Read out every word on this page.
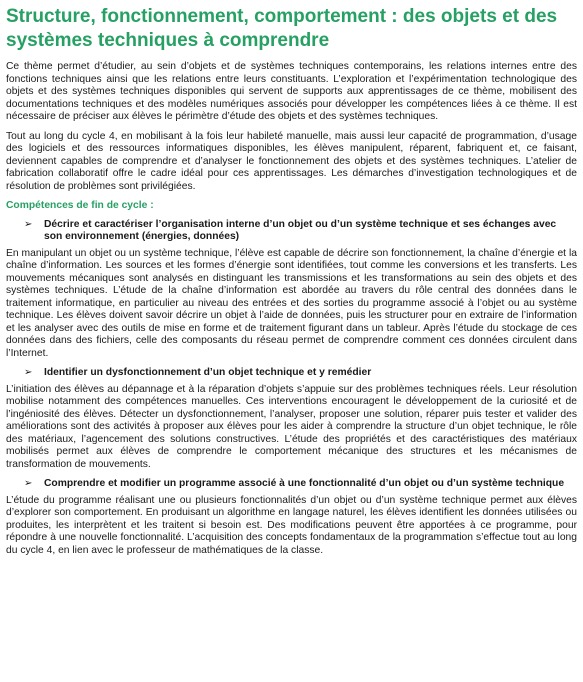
Structure, fonctionnement, comportement : des objets et des systèmes techniques à comprendre

Ce thème permet d’étudier, au sein d’objets et de systèmes techniques contemporains, les relations internes entre des fonctions techniques ainsi que les relations entre leurs constituants. L’exploration et l’expérimentation technologique des objets et des systèmes techniques disponibles qui servent de supports aux apprentissages de ce thème, mobilisent des documentations techniques et des modèles numériques associés pour développer les compétences liées à ce thème. Il est nécessaire de préciser aux élèves le périmètre d’étude des objets et des systèmes techniques.

Tout au long du cycle 4, en mobilisant à la fois leur habileté manuelle, mais aussi leur capacité de programmation, d’usage des logiciels et des ressources informatiques disponibles, les élèves manipulent, réparent, fabriquent et, ce faisant, deviennent capables de comprendre et d’analyser le fonctionnement des objets et des systèmes techniques. L’atelier de fabrication collaboratif offre le cadre idéal pour ces apprentissages. Les démarches d’investigation technologiques et de résolution de problèmes sont privilégiées.

Compétences de fin de cycle :
➢	Décrire et caractériser l’organisation interne d’un objet ou d’un système technique et ses échanges avec son environnement (énergies, données)

En manipulant un objet ou un système technique, l’élève est capable de décrire son fonctionnement, la chaîne d’énergie et la chaîne d’information. Les sources et les formes d’énergie sont identifiées, tout comme les conversions et les transferts. Les mouvements mécaniques sont analysés en distinguant les transmissions et les transformations au sein des objets et des systèmes techniques. L’étude de la chaîne d’information est abordée au travers du rôle central des données dans le traitement informatique, en particulier au niveau des entrées et des sorties du programme associé à l’objet ou au système technique. Les élèves doivent savoir décrire un objet à l’aide de données, puis les structurer pour en extraire de l’information et les analyser avec des outils de mise en forme et de traitement figurant dans un tableur. Après l’étude du stockage de ces données dans des fichiers, celle des composants du réseau permet de comprendre comment ces données circulent dans l’Internet.

➢	Identifier un dysfonctionnement d’un objet technique et y remédier

L’initiation des élèves au dépannage et à la réparation d’objets s’appuie sur des problèmes techniques réels. Leur résolution mobilise notamment des compétences manuelles. Ces interventions encouragent le développement de la curiosité et de l’ingéniosité des élèves. Détecter un dysfonctionnement, l’analyser, proposer une solution, réparer puis tester et valider des améliorations sont des activités à proposer aux élèves pour les aider à comprendre la structure d’un objet technique, le rôle des matériaux, l’agencement des solutions constructives. L’étude des propriétés et des caractéristiques des matériaux mobilisés permet aux élèves de comprendre le comportement mécanique des structures et les mécanismes de transformation de mouvements.

➢	Comprendre et modifier un programme associé à une fonctionnalité d’un objet ou d’un système technique

L’étude du programme réalisant une ou plusieurs fonctionnalités d’un objet ou d’un système technique permet aux élèves d’explorer son comportement. En produisant un algorithme en langage naturel, les élèves identifient les données utilisées ou produites, les interprètent et les traitent si besoin est. Des modifications peuvent être apportées à ce programme, pour répondre à une nouvelle fonctionnalité. L’acquisition des concepts fondamentaux de la programmation s’effectue tout au long du cycle 4, en lien avec le professeur de mathématiques de la classe.
